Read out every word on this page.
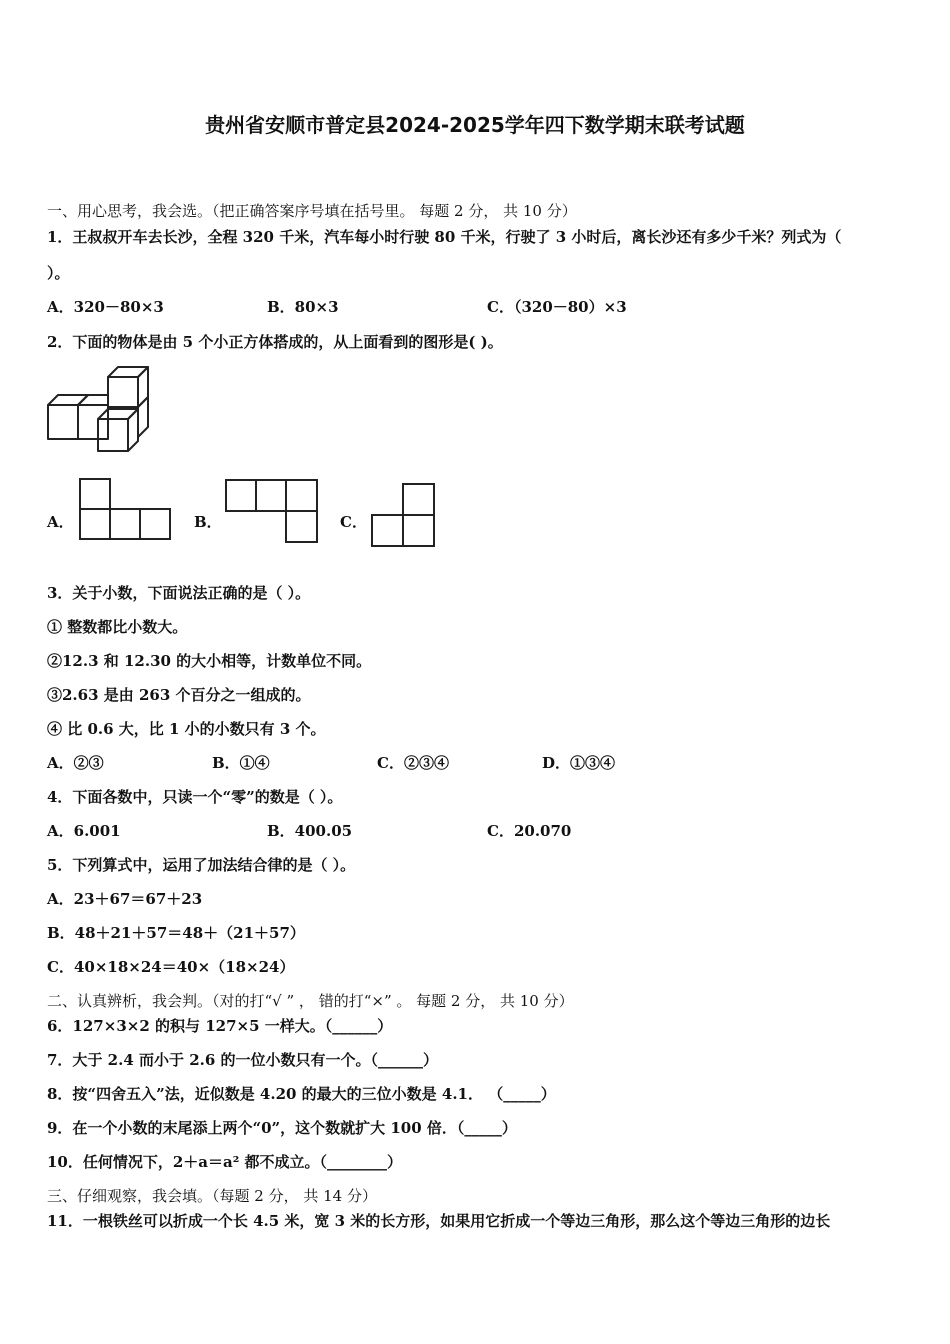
贵州省安顺市普定县2024-2025学年四下数学期末联考试题
一、用心思考，我会选。（把正确答案序号填在括号里。 每题 2 分， 共 10 分）
1．王叔叔开车去长沙，全程 320 千米，汽车每小时行驶 80 千米，行驶了 3 小时后，离长沙还有多少千米？列式为（
）。
A．320－80×3	B．80×3	C．（320－80）×3
2．下面的物体是由 5 个小正方体搭成的，从上面看到的图形是( )。
A．	B．	C．
3．关于小数，下面说法正确的是（ ）。
① 整数都比小数大。
②12.3 和 12.30 的大小相等，计数单位不同。
③2.63 是由 263 个百分之一组成的。
④ 比 0.6 大，比 1 小的小数只有 3 个。
A．②③	B．①④	C．②③④	D．①③④
4．下面各数中，只读一个“零”的数是（ ）。
A．6.001	B．400.05	C．20.070
5．下列算式中，运用了加法结合律的是（ ）。
A．23＋67＝67＋23
B．48＋21＋57＝48＋（21＋57）
C．40×18×24＝40×（18×24）
二、认真辨析，我会判。（对的打“√ ” ， 错的打“×” 。 每题 2 分， 共 10 分）
6．127×3×2 的积与 127×5 一样大。（______）
7．大于 2.4 而小于 2.6 的一位小数只有一个。（______）
8．按“四舍五入”法，近似数是 4.20 的最大的三位小数是 4.1． （_____）
9．在一个小数的末尾添上两个“0”，这个数就扩大 100 倍．（_____）
10．任何情况下，2＋a＝a² 都不成立。（________）
三、仔细观察，我会填。（每题 2 分， 共 14 分）
11．一根铁丝可以折成一个长 4.5 米，宽 3 米的长方形，如果用它折成一个等边三角形，那么这个等边三角形的边长
